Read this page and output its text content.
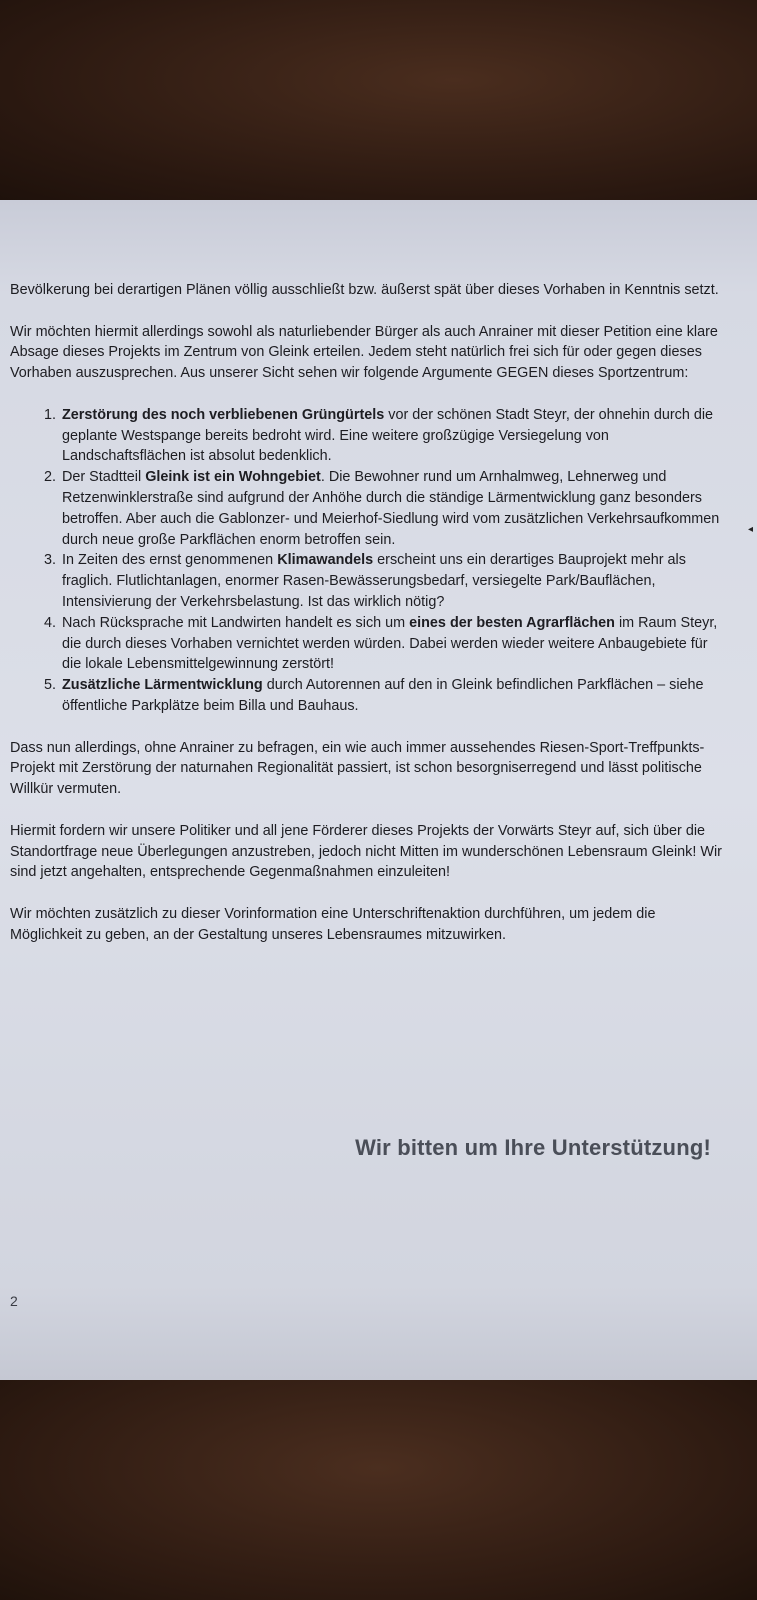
◂

Bevölkerung bei derartigen Plänen völlig ausschließt bzw. äußerst spät über dieses Vorhaben in Kenntnis setzt.

Wir möchten hiermit allerdings sowohl als naturliebender Bürger als auch Anrainer mit dieser Petition eine klare Absage dieses Projekts im Zentrum von Gleink erteilen. Jedem steht natürlich frei sich für oder gegen dieses Vorhaben auszusprechen. Aus unserer Sicht sehen wir folgende Argumente GEGEN dieses Sportzentrum:

1. Zerstörung des noch verbliebenen Grüngürtels vor der schönen Stadt Steyr, der ohnehin durch die geplante Westspange bereits bedroht wird. Eine weitere großzügige Versiegelung von Landschaftsflächen ist absolut bedenklich.
2. Der Stadtteil Gleink ist ein Wohngebiet. Die Bewohner rund um Arnhalmweg, Lehnerweg und Retzenwinklerstraße sind aufgrund der Anhöhe durch die ständige Lärmentwicklung ganz besonders betroffen. Aber auch die Gablonzer- und Meierhof-Siedlung wird vom zusätzlichen Verkehrsaufkommen durch neue große Parkflächen enorm betroffen sein.
3. In Zeiten des ernst genommenen Klimawandels erscheint uns ein derartiges Bauprojekt mehr als fraglich. Flutlichtanlagen, enormer Rasen-Bewässerungsbedarf, versiegelte Park/Bauflächen, Intensivierung der Verkehrsbelastung. Ist das wirklich nötig?
4. Nach Rücksprache mit Landwirten handelt es sich um eines der besten Agrarflächen im Raum Steyr, die durch dieses Vorhaben vernichtet werden würden. Dabei werden wieder weitere Anbaugebiete für die lokale Lebensmittelgewinnung zerstört!
5. Zusätzliche Lärmentwicklung durch Autorennen auf den in Gleink befindlichen Parkflächen – siehe öffentliche Parkplätze beim Billa und Bauhaus.

Dass nun allerdings, ohne Anrainer zu befragen, ein wie auch immer aussehendes Riesen-Sport-Treffpunkts-Projekt mit Zerstörung der naturnahen Regionalität passiert, ist schon besorgniserregend und lässt politische Willkür vermuten.

Hiermit fordern wir unsere Politiker und all jene Förderer dieses Projekts der Vorwärts Steyr auf, sich über die Standortfrage neue Überlegungen anzustreben, jedoch nicht Mitten im wunderschönen Lebensraum Gleink! Wir sind jetzt angehalten, entsprechende Gegenmaßnahmen einzuleiten!

Wir möchten zusätzlich zu dieser Vorinformation eine Unterschriftenaktion durchführen, um jedem die Möglichkeit zu geben, an der Gestaltung unseres Lebensraumes mitzuwirken.

Wir bitten um Ihre Unterstützung!
2
